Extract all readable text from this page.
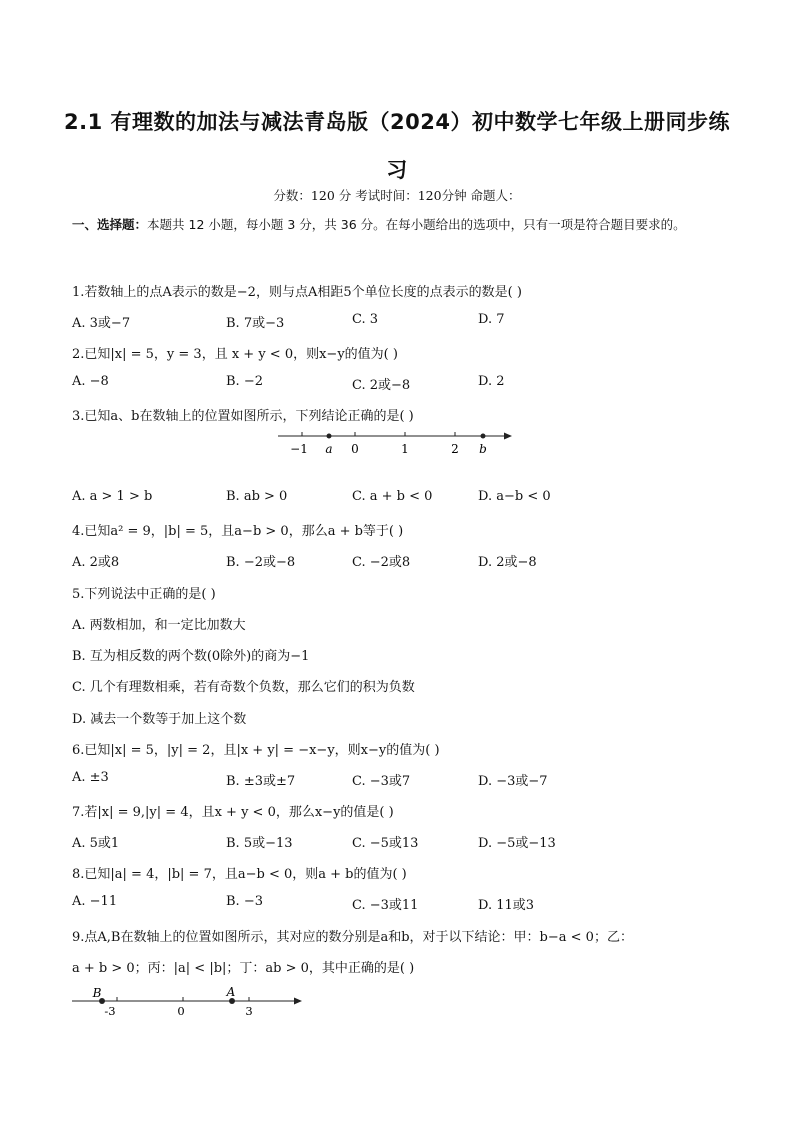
2.1 有理数的加法与减法青岛版（2024）初中数学七年级上册同步练
习
分数：120 分 考试时间：120分钟 命题人：
一、选择题：本题共 12 小题，每小题 3 分，共 36 分。在每小题给出的选项中，只有一项是符合题目要求的。
1.若数轴上的点A表示的数是−2，则与点A相距5个单位长度的点表示的数是( )
A. 3或−7	B. 7或−3	C. 3	D. 7
2.已知|x| = 5，y = 3，且 x + y < 0，则x−y的值为( )
A. −8	B. −2	C. 2或−8	D. 2
3.已知a、b在数轴上的位置如图所示，下列结论正确的是( )
−1 a 0	1	2 b
A. a > 1 > b	B. ab > 0	C. a + b < 0	D. a−b < 0
4.已知a² = 9，|b| = 5，且a−b > 0，那么a + b等于( )
A. 2或8	B. −2或−8	C. −2或8	D. 2或−8
5.下列说法中正确的是( )
A. 两数相加，和一定比加数大
B. 互为相反数的两个数(0除外)的商为−1
C. 几个有理数相乘，若有奇数个负数，那么它们的积为负数
D. 减去一个数等于加上这个数
6.已知|x| = 5，|y| = 2，且|x + y| = −x−y，则x−y的值为( )
A. ±3	B. ±3或±7	C. −3或7	D. −3或−7
7.若|x| = 9,|y| = 4，且x + y < 0，那么x−y的值是( )
A. 5或1	B. 5或−13	C. −5或13	D. −5或−13
8.已知|a| = 4，|b| = 7，且a−b < 0，则a + b的值为( )
A. −11	B. −3	C. −3或11	D. 11或3
9.点A,B在数轴上的位置如图所示，其对应的数分别是a和b，对于以下结论：甲：b−a < 0；乙：
a + b > 0；丙：|a| < |b|；丁：ab > 0，其中正确的是( )
B	A
-3	0	3
